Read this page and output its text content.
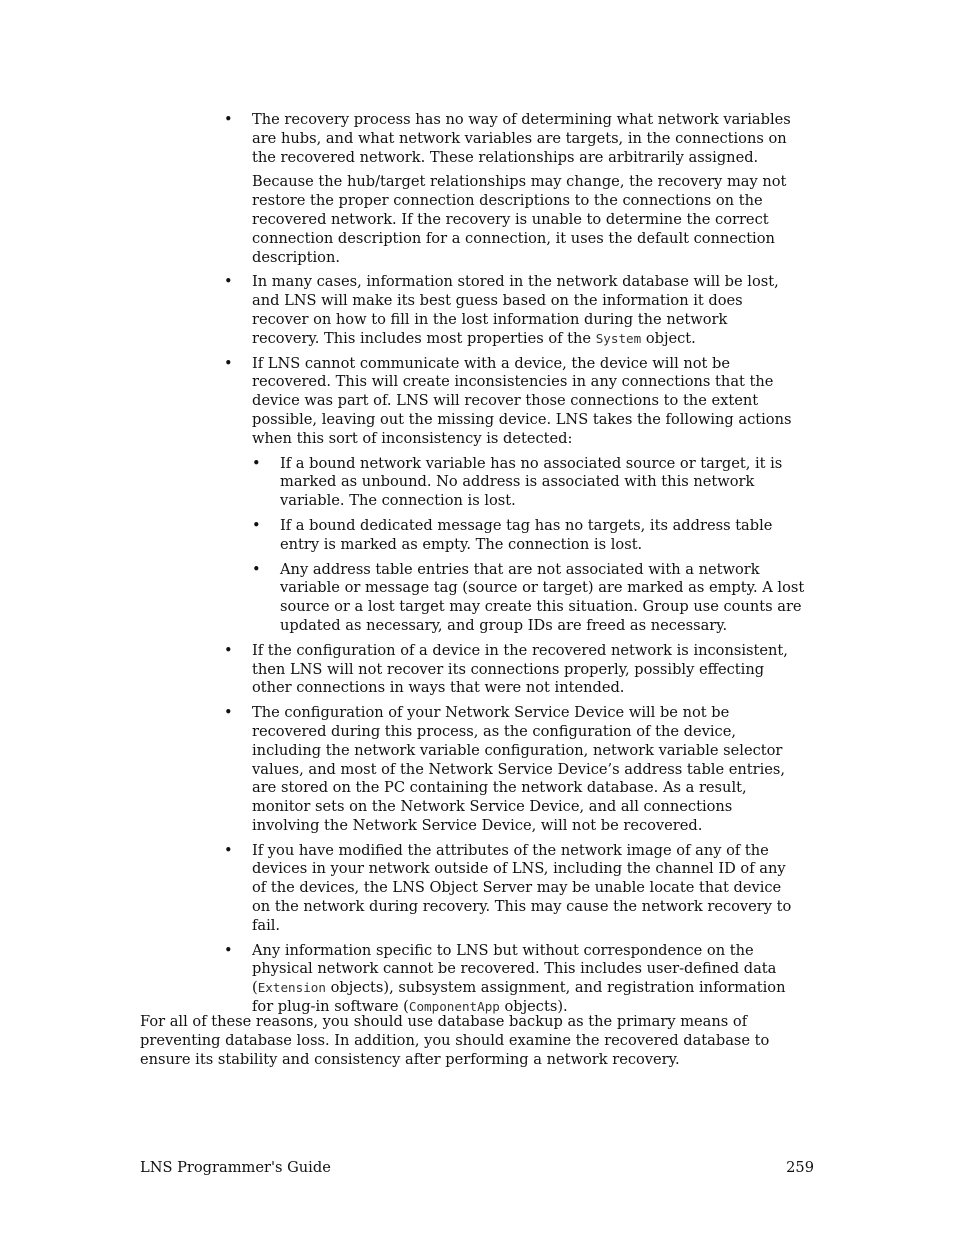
• The recovery process has no way of determining what network variables are hubs, and what network variables are targets, in the connections on the recovered network. These relationships are arbitrarily assigned.

Because the hub/target relationships may change, the recovery may not restore the proper connection descriptions to the connections on the recovered network. If the recovery is unable to determine the correct connection description for a connection, it uses the default connection description.

• In many cases, information stored in the network database will be lost, and LNS will make its best guess based on the information it does recover on how to fill in the lost information during the network recovery. This includes most properties of the System object.

• If LNS cannot communicate with a device, the device will not be recovered. This will create inconsistencies in any connections that the device was part of. LNS will recover those connections to the extent possible, leaving out the missing device. LNS takes the following actions when this sort of inconsistency is detected:

• If a bound network variable has no associated source or target, it is marked as unbound. No address is associated with this network variable. The connection is lost.
• If a bound dedicated message tag has no targets, its address table entry is marked as empty. The connection is lost.
• Any address table entries that are not associated with a network variable or message tag (source or target) are marked as empty. A lost source or a lost target may create this situation. Group use counts are updated as necessary, and group IDs are freed as necessary.

• If the configuration of a device in the recovered network is inconsistent, then LNS will not recover its connections properly, possibly effecting other connections in ways that were not intended.

• The configuration of your Network Service Device will be not be recovered during this process, as the configuration of the device, including the network variable configuration, network variable selector values, and most of the Network Service Device’s address table entries, are stored on the PC containing the network database. As a result, monitor sets on the Network Service Device, and all connections involving the Network Service Device, will not be recovered.

• If you have modified the attributes of the network image of any of the devices in your network outside of LNS, including the channel ID of any of the devices, the LNS Object Server may be unable locate that device on the network during recovery. This may cause the network recovery to fail.

• Any information specific to LNS but without correspondence on the physical network cannot be recovered. This includes user-defined data (Extension objects), subsystem assignment, and registration information for plug-in software (ComponentApp objects).

For all of these reasons, you should use database backup as the primary means of preventing database loss. In addition, you should examine the recovered database to ensure its stability and consistency after performing a network recovery.

LNS Programmer's Guide	259
